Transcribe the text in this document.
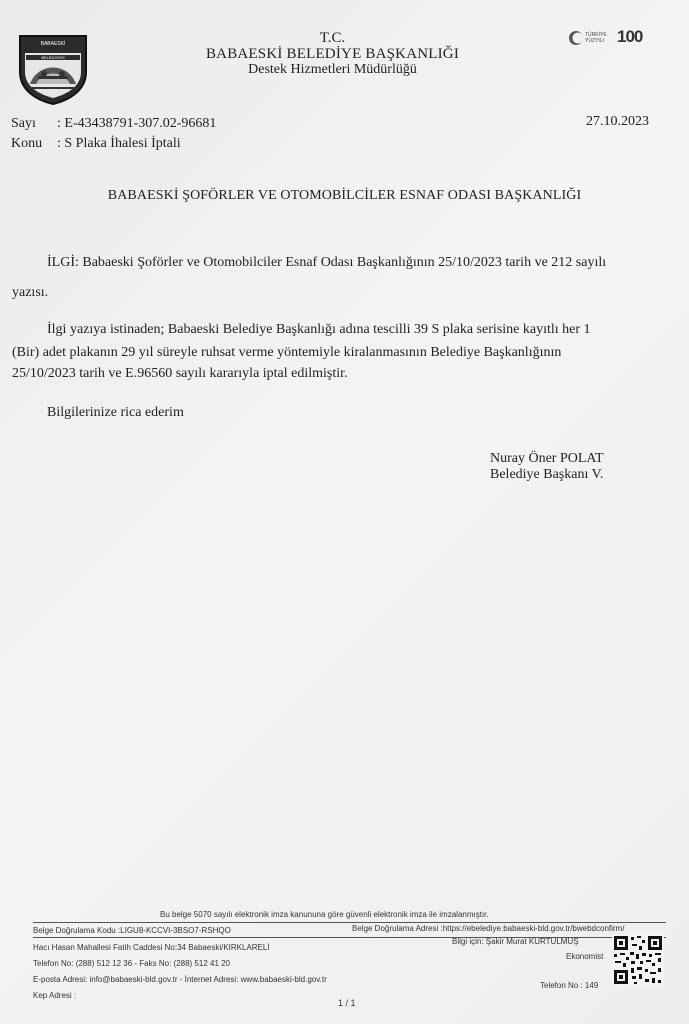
BABAESKİ
BELEDİYESİ
T.C.
BABAESKİ BELEDİYE BAŞKANLIĞI
Destek Hizmetleri Müdürlüğü
TÜRKİYE
YÜZYILI 100
Sayı : E-43438791-307.02-96681
Konu : S Plaka İhalesi İptali
27.10.2023
BABAESKİ ŞOFÖRLER VE OTOMOBİLCİLER ESNAF ODASI BAŞKANLIĞI
İLGİ: Babaeski Şoförler ve Otomobilciler Esnaf Odası Başkanlığının 25/10/2023 tarih ve 212 sayılı
yazısı.
İlgi yazıya istinaden; Babaeski Belediye Başkanlığı adına tescilli 39 S plaka serisine kayıtlı her 1
(Bir) adet plakanın 29 yıl süreyle ruhsat verme yöntemiyle kiralanmasının Belediye Başkanlığının
25/10/2023 tarih ve E.96560 sayılı kararıyla iptal edilmiştir.
Bilgilerinize rica ederim
Nuray Öner POLAT
Belediye Başkanı V.
Bu belge 5070 sayılı elektronik imza kanununa göre güvenli elektronik imza ile imzalanmıştır.
Belge Doğrulama Kodu :LIGU8-KCCVI-3BSO7-RSHQO	Belge Doğrulama Adresi :https://ebelediye.babaeski-bld.gov.tr/bwebdconfirm/
Hacı Hasan Mahallesi Fatih Caddesi No:34 Babaeski/KIRKLARELİ
Bilgi için: Şakir Murat KURTULMUŞ
Ekonomist
Telefon No: (288) 512 12 36 - Faks No: (288) 512 41 20
E-posta Adresi: info@babaeski-bld.gov.tr - İnternet Adresi: www.babaeski-bld.gov.tr
Kep Adresi :
Telefon No : 149
1 / 1
